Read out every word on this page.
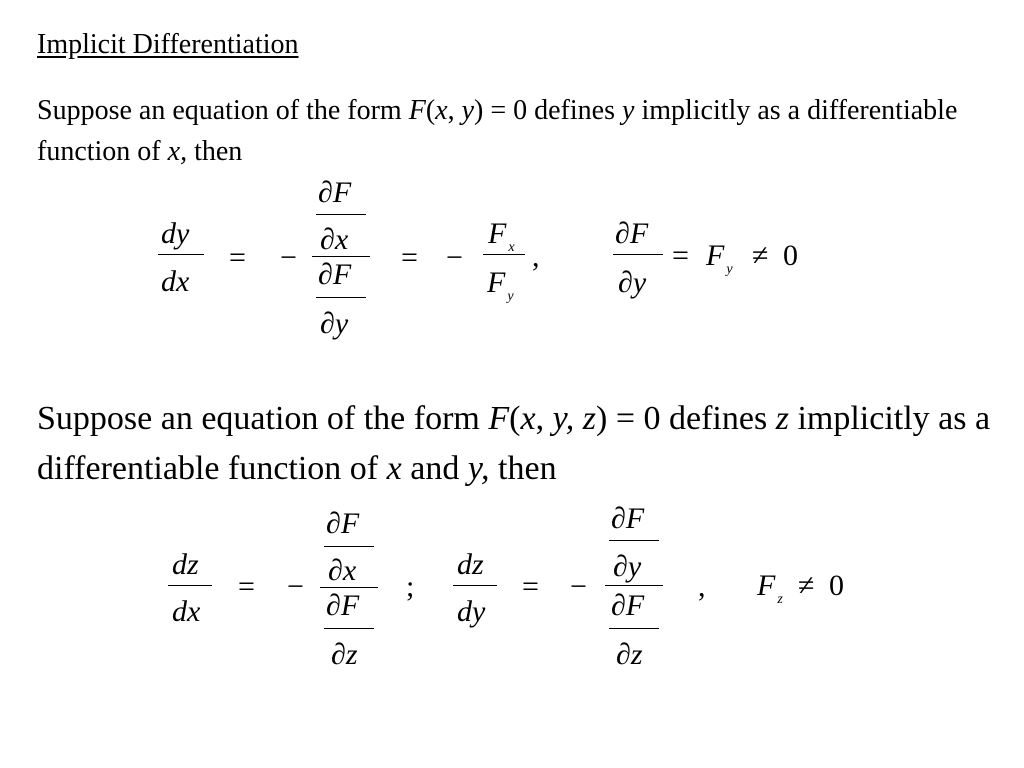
Implicit Differentiation
Suppose an equation of the form F(x, y) = 0 defines y implicitly as a differentiable function of x, then
dy
dx
= −
∂F
∂x
∂F
∂y
= −
F $_x$
F $_y$
,
∂F
∂y
= F $_y$ ≠ 0
Suppose an equation of the form F(x, y, z) = 0 defines z implicitly as a differentiable function of x and y, then
dz
dx
= −
∂F
∂x
∂F
∂z
;
dz
dy
= −
∂F
∂y
∂F
∂z
, F $_z$ ≠ 0
